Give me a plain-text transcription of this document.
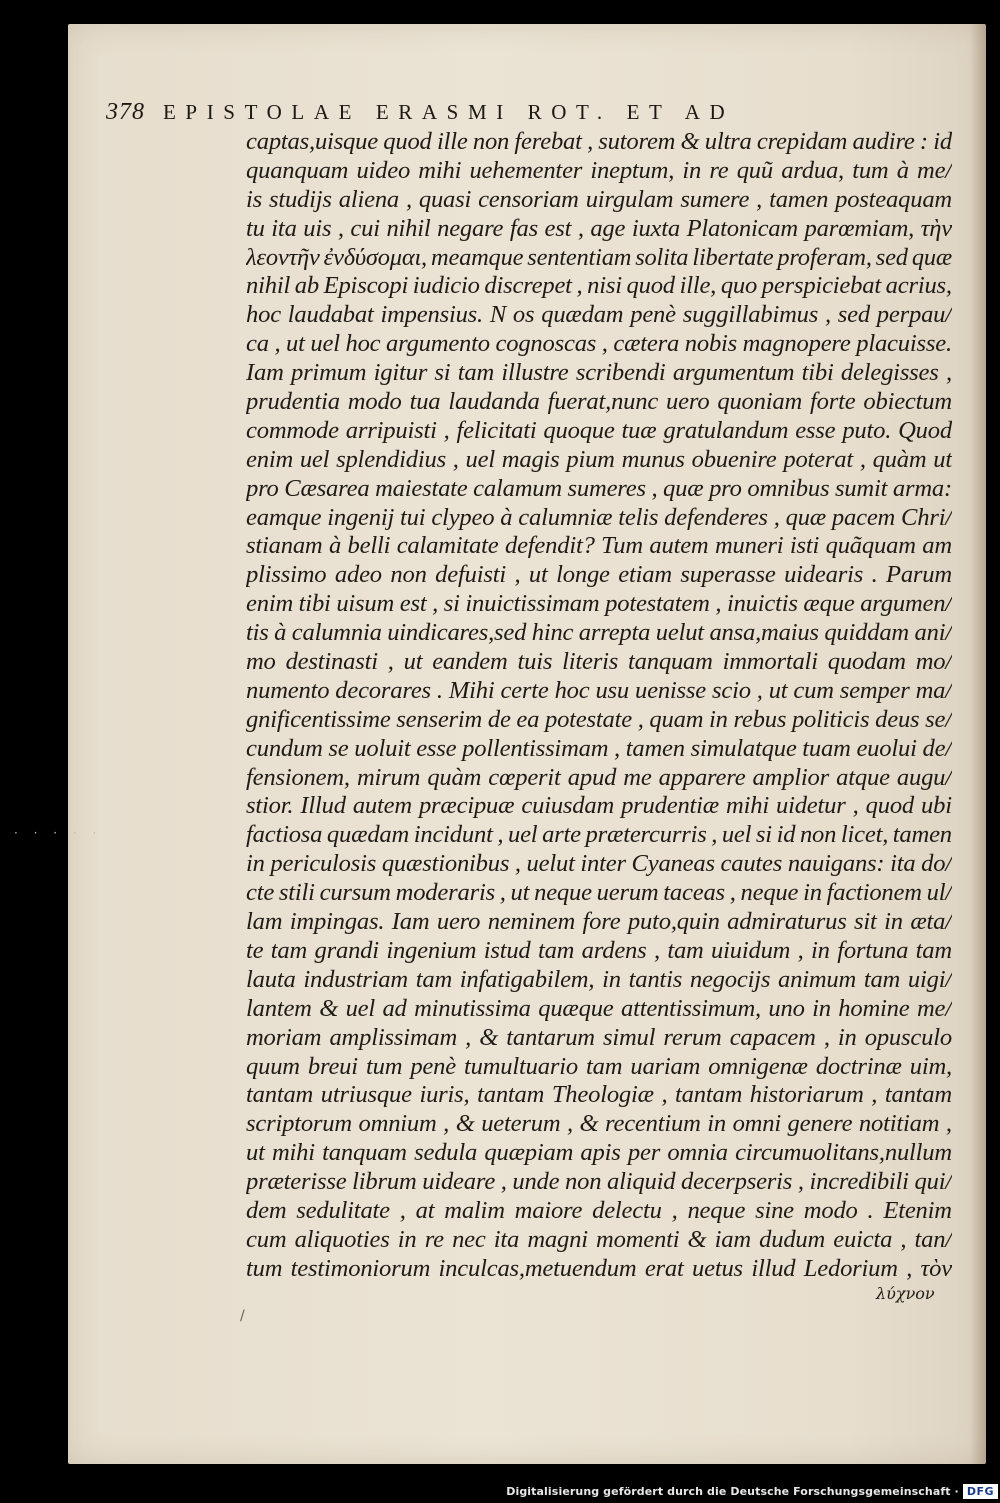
· · · · ·
378 EPISTOLAE ERASMI ROT. ET AD
captas,uisque quod ille non ferebat , sutorem & ultra crepidam audire : id
quanquam uideo mihi uehementer ineptum, in re quũ ardua, tum à me/
is studijs aliena , quasi censoriam uirgulam sumere , tamen posteaquam
tu ita uis , cui nihil negare fas est , age iuxta Platonicam parœmiam, τὴν
λεοντῆν ἐνδύσομαι, meamque sententiam solita libertate proferam, sed quæ
nihil ab Episcopi iudicio discrepet , nisi quod ille, quo perspiciebat acrius,
hoc laudabat impensius. N os quædam penè suggillabimus , sed perpau/
ca , ut uel hoc argumento cognoscas , cætera nobis magnopere placuisse.
Iam primum igitur si tam illustre scribendi argumentum tibi delegisses ,
prudentia modo tua laudanda fuerat,nunc uero quoniam forte obiectum
commode arripuisti , felicitati quoque tuæ gratulandum esse puto. Quod
enim uel splendidius , uel magis pium munus obuenire poterat , quàm ut
pro Cæsarea maiestate calamum sumeres , quæ pro omnibus sumit arma:
eamque ingenij tui clypeo à calumniæ telis defenderes , quæ pacem Chri/
stianam à belli calamitate defendit? Tum autem muneri isti quãquam am
plissimo adeo non defuisti , ut longe etiam superasse uidearis . Parum
enim tibi uisum est , si inuictissimam potestatem , inuictis æque argumen/
tis à calumnia uindicares,sed hinc arrepta uelut ansa,maius quiddam ani/
mo destinasti , ut eandem tuis literis tanquam immortali quodam mo/
numento decorares . Mihi certe hoc usu uenisse scio , ut cum semper ma/
gnificentissime senserim de ea potestate , quam in rebus politicis deus se/
cundum se uoluit esse pollentissimam , tamen simulatque tuam euolui de/
fensionem, mirum quàm cœperit apud me apparere amplior atque augu/
stior. Illud autem præcipuæ cuiusdam prudentiæ mihi uidetur , quod ubi
factiosa quædam incidunt , uel arte prætercurris , uel si id non licet, tamen
in periculosis quæstionibus , uelut inter Cyaneas cautes nauigans: ita do/
cte stili cursum moderaris , ut neque uerum taceas , neque in factionem ul/
lam impingas. Iam uero neminem fore puto,quin admiraturus sit in æta/
te tam grandi ingenium istud tam ardens , tam uiuidum , in fortuna tam
lauta industriam tam infatigabilem, in tantis negocijs animum tam uigi/
lantem & uel ad minutissima quæque attentissimum, uno in homine me/
moriam amplissimam , & tantarum simul rerum capacem , in opusculo
quum breui tum penè tumultuario tam uariam omnigenæ doctrinæ uim,
tantam utriusque iuris, tantam Theologiæ , tantam historiarum , tantam
scriptorum omnium , & ueterum , & recentium in omni genere notitiam ,
ut mihi tanquam sedula quæpiam apis per omnia circumuolitans,nullum
præterisse librum uideare , unde non aliquid decerpseris , incredibili qui/
dem sedulitate , at malim maiore delectu , neque sine modo . Etenim
cum aliquoties in re nec ita magni momenti & iam dudum euicta , tan/
tum testimoniorum inculcas,metuendum erat uetus illud Ledorium , τὸν
λύχνον
/
Digitalisierung gefördert durch die Deutsche Forschungsgemeinschaft · DFG
